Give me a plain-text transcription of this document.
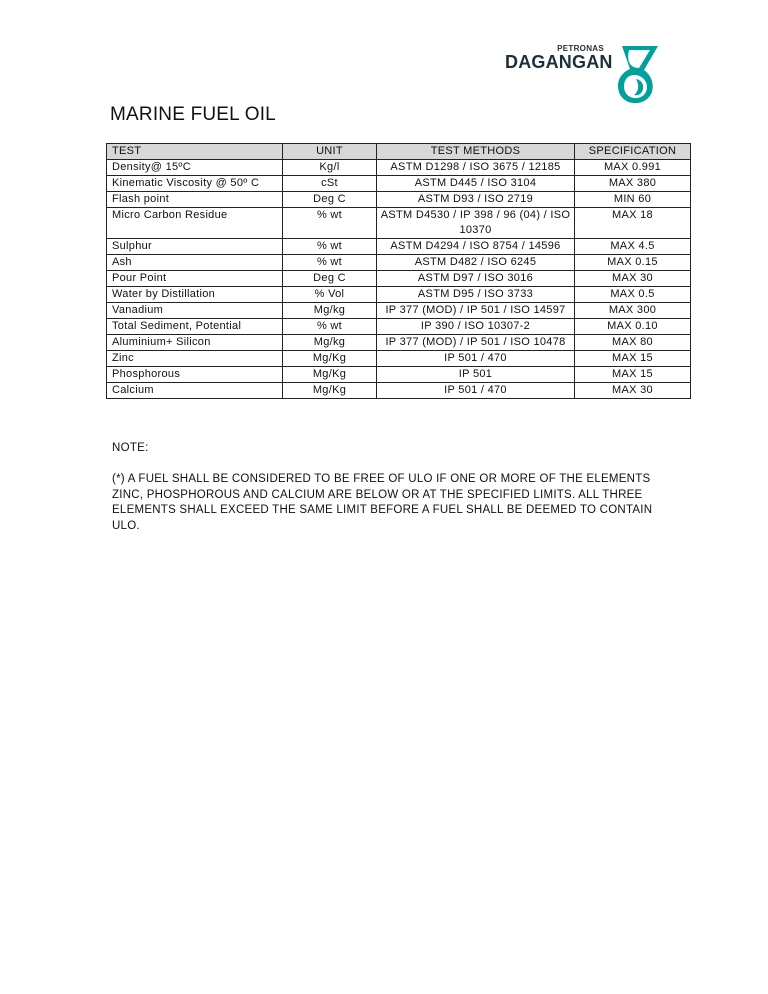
PETRONAS
DAGANGAN
MARINE FUEL OIL
TEST	UNIT	TEST METHODS	SPECIFICATION
Density@ 15ºC	Kg/l	ASTM D1298 / ISO 3675 / 12185	MAX 0.991
Kinematic Viscosity @ 50º C	cSt	ASTM D445 / ISO 3104	MAX 380
Flash point	Deg C	ASTM D93 / ISO 2719	MIN 60
Micro Carbon Residue	% wt	ASTM D4530 / IP 398 / 96 (04) / ISO 10370	MAX 18
Sulphur	% wt	ASTM D4294 / ISO 8754 / 14596	MAX 4.5
Ash	% wt	ASTM D482 / ISO 6245	MAX 0.15
Pour Point	Deg C	ASTM D97 / ISO 3016	MAX 30
Water by Distillation	% Vol	ASTM D95 / ISO 3733	MAX 0.5
Vanadium	Mg/kg	IP 377 (MOD) / IP 501 / ISO 14597	MAX 300
Total Sediment, Potential	% wt	IP 390 / ISO 10307-2	MAX 0.10
Aluminium+ Silicon	Mg/kg	IP 377 (MOD) / IP 501 / ISO 10478	MAX 80
Zinc	Mg/Kg	IP 501 / 470	MAX 15
Phosphorous	Mg/Kg	IP 501	MAX 15
Calcium	Mg/Kg	IP 501 / 470	MAX 30
NOTE:
(*) A FUEL SHALL BE CONSIDERED TO BE FREE OF ULO IF ONE OR MORE OF THE ELEMENTS ZINC, PHOSPHOROUS AND CALCIUM ARE BELOW OR AT THE SPECIFIED LIMITS. ALL THREE ELEMENTS SHALL EXCEED THE SAME LIMIT BEFORE A FUEL SHALL BE DEEMED TO CONTAIN ULO.
